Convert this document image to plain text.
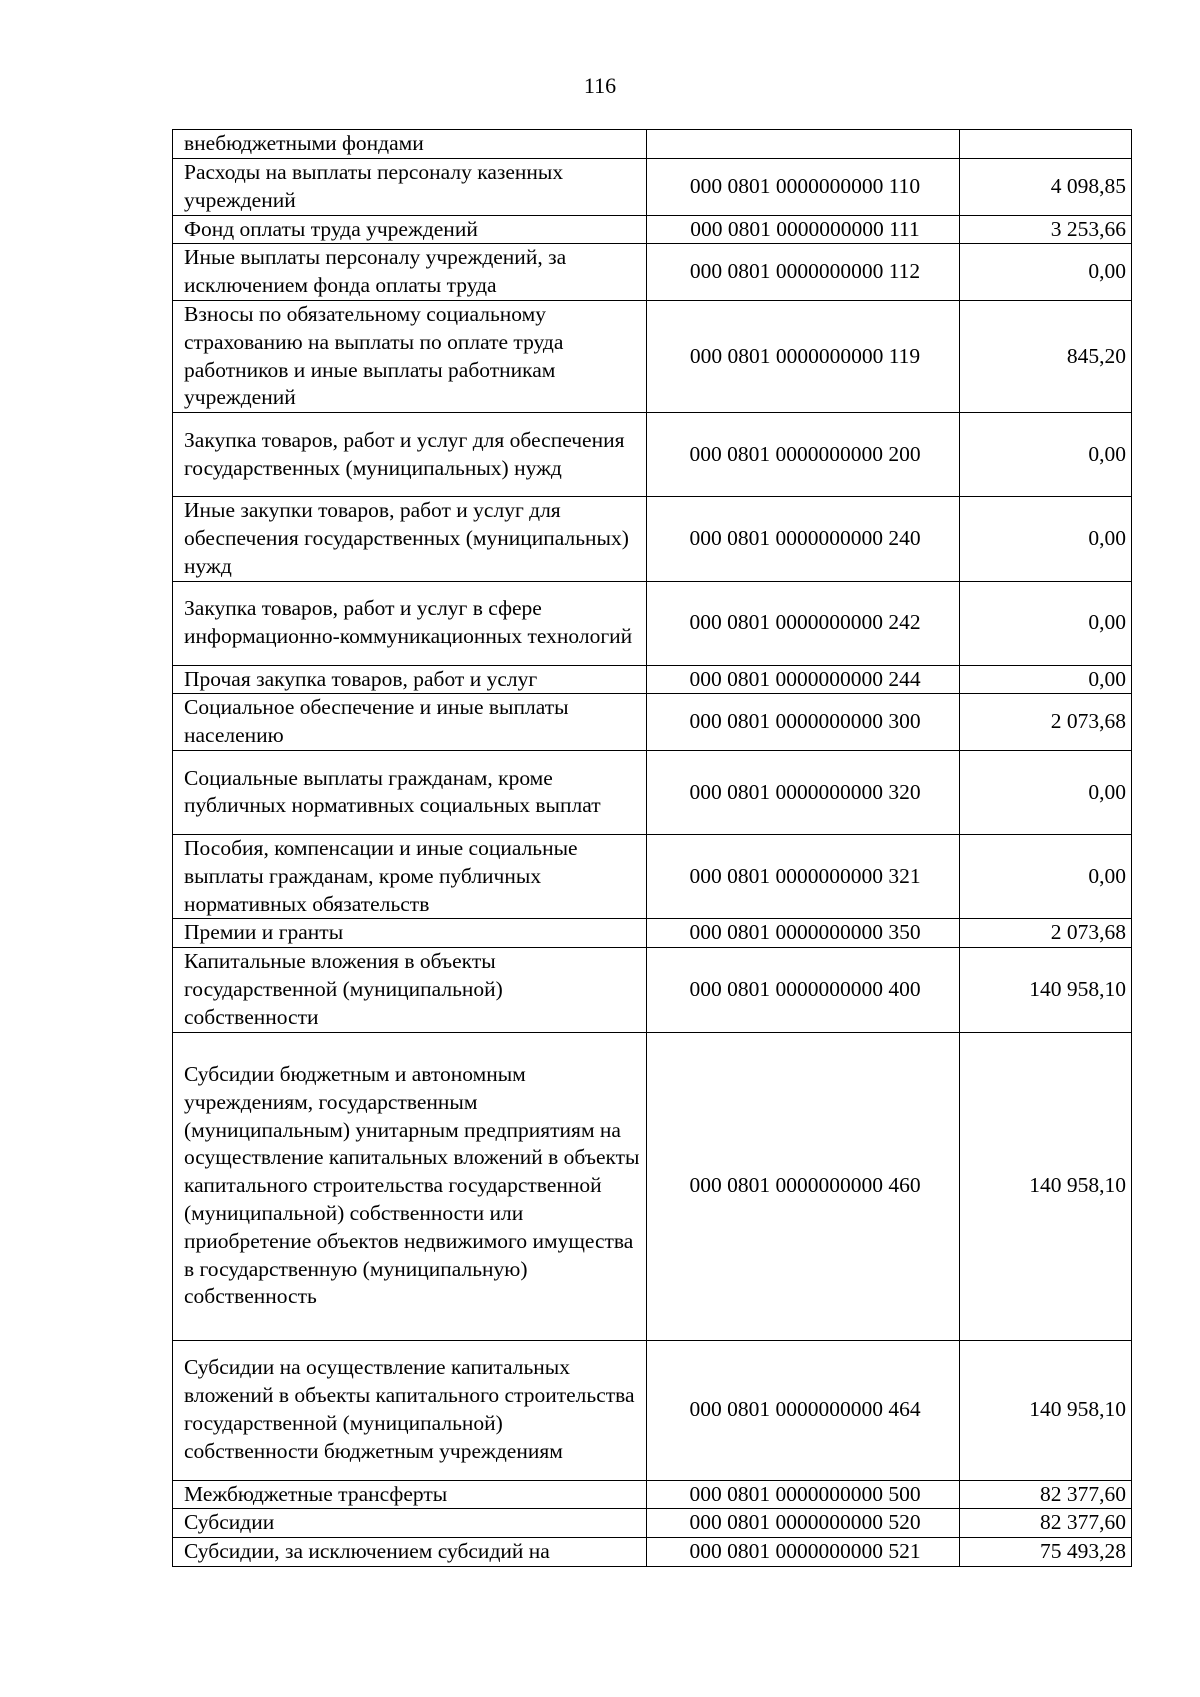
116
внебюджетными фондами		
Расходы на выплаты персоналу казенных учреждений	000 0801 0000000000 110	4 098,85
Фонд оплаты труда учреждений	000 0801 0000000000 111	3 253,66
Иные выплаты персоналу учреждений, за исключением фонда оплаты труда	000 0801 0000000000 112	0,00
Взносы по обязательному социальному страхованию на выплаты по оплате труда работников и иные выплаты работникам учреждений	000 0801 0000000000 119	845,20
Закупка товаров, работ и услуг для обеспечения государственных (муниципальных) нужд	000 0801 0000000000 200	0,00
Иные закупки товаров, работ и услуг для обеспечения государственных (муниципальных) нужд	000 0801 0000000000 240	0,00
Закупка товаров, работ и услуг в сфере информационно-коммуникационных технологий	000 0801 0000000000 242	0,00
Прочая закупка товаров, работ и услуг	000 0801 0000000000 244	0,00
Социальное обеспечение и иные выплаты населению	000 0801 0000000000 300	2 073,68
Социальные выплаты гражданам, кроме публичных нормативных социальных выплат	000 0801 0000000000 320	0,00
Пособия, компенсации и иные социальные выплаты гражданам, кроме публичных нормативных обязательств	000 0801 0000000000 321	0,00
Премии и гранты	000 0801 0000000000 350	2 073,68
Капитальные вложения в объекты государственной (муниципальной) собственности	000 0801 0000000000 400	140 958,10
Субсидии бюджетным и автономным учреждениям, государственным (муниципальным) унитарным предприятиям на осуществление капитальных вложений в объекты капитального строительства государственной (муниципальной) собственности или приобретение объектов недвижимого имущества в государственную (муниципальную) собственность	000 0801 0000000000 460	140 958,10
Субсидии на осуществление капитальных вложений в объекты капитального строительства государственной (муниципальной) собственности бюджетным учреждениям	000 0801 0000000000 464	140 958,10
Межбюджетные трансферты	000 0801 0000000000 500	82 377,60
Субсидии	000 0801 0000000000 520	82 377,60
Субсидии, за исключением субсидий на	000 0801 0000000000 521	75 493,28
